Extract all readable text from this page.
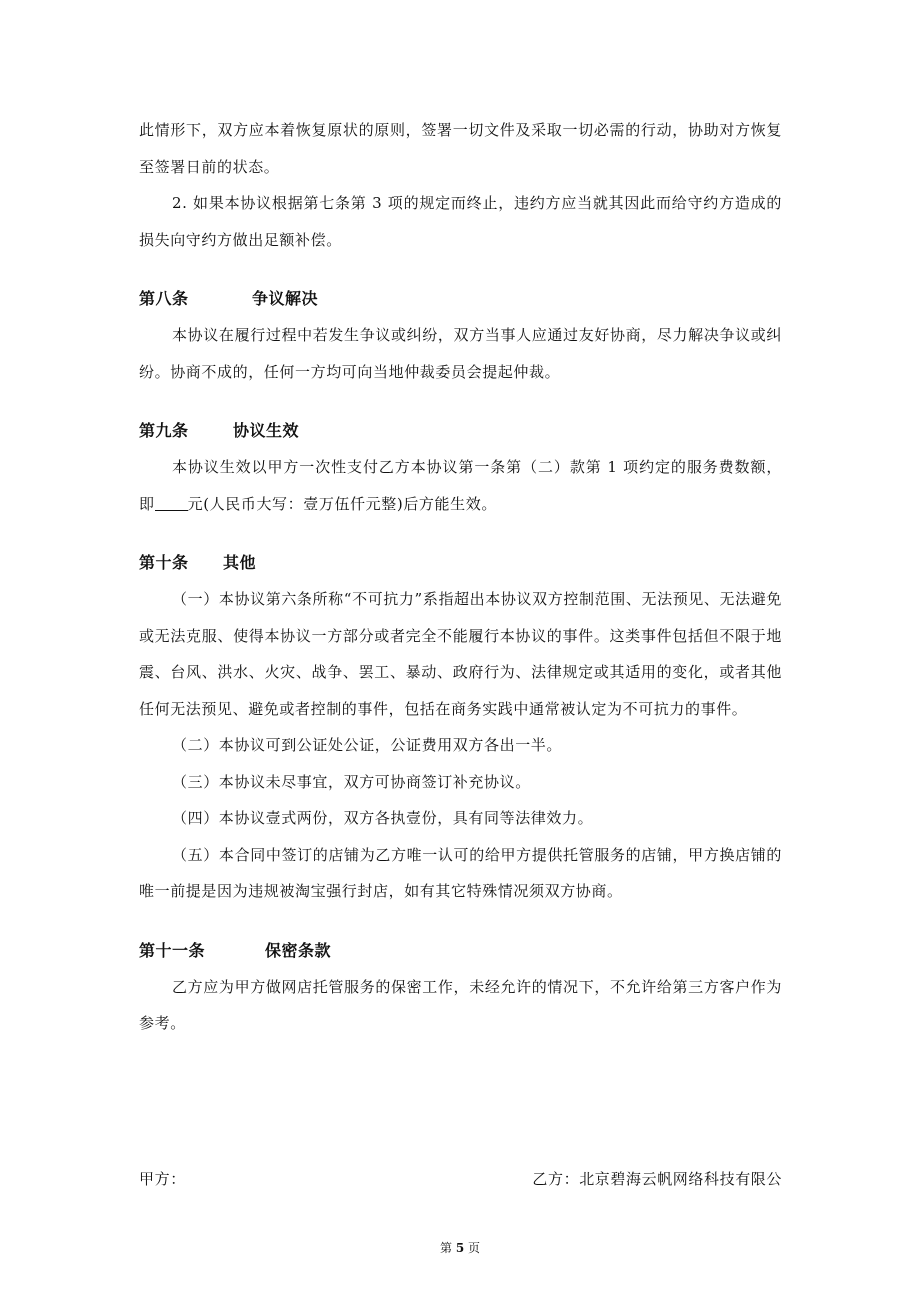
此情形下，双方应本着恢复原状的原则，签署一切文件及采取一切必需的行动，协助对方恢复至签署日前的状态。

2. 如果本协议根据第七条第 3 项的规定而终止，违约方应当就其因此而给守约方造成的损失向守约方做出足额补偿。

第八条	争议解决

本协议在履行过程中若发生争议或纠纷，双方当事人应通过友好协商，尽力解决争议或纠纷。协商不成的，任何一方均可向当地仲裁委员会提起仲裁。

第九条	协议生效

本协议生效以甲方一次性支付乙方本协议第一条第（二）款第 1 项约定的服务费数额，即 元(人民币大写：壹万伍仟元整)后方能生效。

第十条 其他

（一）本协议第六条所称“不可抗力”系指超出本协议双方控制范围、无法预见、无法避免或无法克服、使得本协议一方部分或者完全不能履行本协议的事件。这类事件包括但不限于地震、台风、洪水、火灾、战争、罢工、暴动、政府行为、法律规定或其适用的变化，或者其他任何无法预见、避免或者控制的事件，包括在商务实践中通常被认定为不可抗力的事件。

（二）本协议可到公证处公证，公证费用双方各出一半。

（三）本协议未尽事宜，双方可协商签订补充协议。

（四）本协议壹式两份，双方各执壹份，具有同等法律效力。

（五）本合同中签订的店铺为乙方唯一认可的给甲方提供托管服务的店铺，甲方换店铺的唯一前提是因为违规被淘宝强行封店，如有其它特殊情况须双方协商。

第十一条	保密条款

乙方应为甲方做网店托管服务的保密工作，未经允许的情况下，不允许给第三方客户作为参考。

甲方：	乙方：北京碧海云帆网络科技有限公
第 5 页
